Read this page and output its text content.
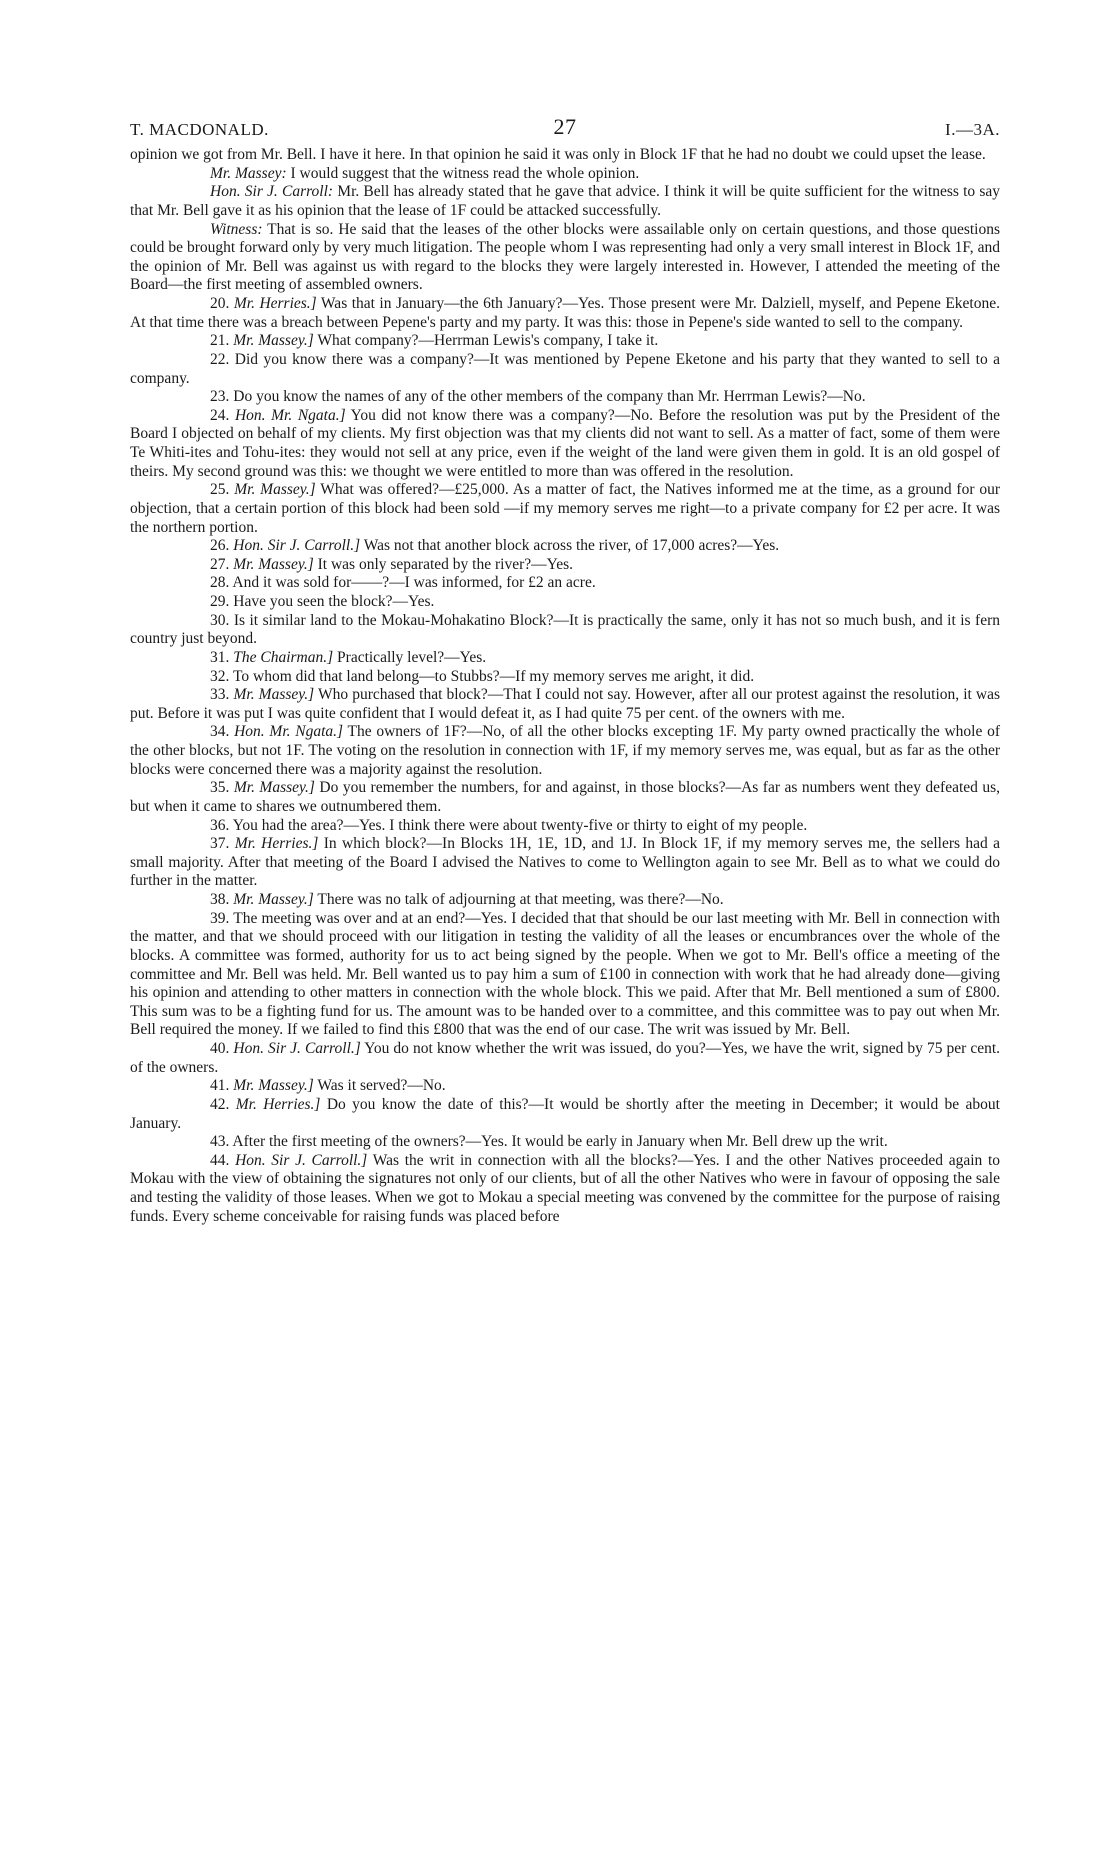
T. MACDONALD.	27	I.—3A.

opinion we got from Mr. Bell. I have it here. In that opinion he said it was only in Block 1F that he had no doubt we could upset the lease.

Mr. Massey: I would suggest that the witness read the whole opinion.

Hon. Sir J. Carroll: Mr. Bell has already stated that he gave that advice. I think it will be quite sufficient for the witness to say that Mr. Bell gave it as his opinion that the lease of 1F could be attacked successfully.

Witness: That is so. He said that the leases of the other blocks were assailable only on certain questions, and those questions could be brought forward only by very much litigation. The people whom I was representing had only a very small interest in Block 1F, and the opinion of Mr. Bell was against us with regard to the blocks they were largely interested in. However, I attended the meeting of the Board—the first meeting of assembled owners.

20. Mr. Herries.] Was that in January—the 6th January?—Yes. Those present were Mr. Dalziell, myself, and Pepene Eketone. At that time there was a breach between Pepene's party and my party. It was this: those in Pepene's side wanted to sell to the company.

21. Mr. Massey.] What company?—Herrman Lewis's company, I take it.

22. Did you know there was a company?—It was mentioned by Pepene Eketone and his party that they wanted to sell to a company.

23. Do you know the names of any of the other members of the company than Mr. Herrman Lewis?—No.

24. Hon. Mr. Ngata.] You did not know there was a company?—No. Before the resolution was put by the President of the Board I objected on behalf of my clients. My first objection was that my clients did not want to sell. As a matter of fact, some of them were Te Whiti-ites and Tohu-ites: they would not sell at any price, even if the weight of the land were given them in gold. It is an old gospel of theirs. My second ground was this: we thought we were entitled to more than was offered in the resolution.

25. Mr. Massey.] What was offered?—£25,000. As a matter of fact, the Natives informed me at the time, as a ground for our objection, that a certain portion of this block had been sold —if my memory serves me right—to a private company for £2 per acre. It was the northern portion.

26. Hon. Sir J. Carroll.] Was not that another block across the river, of 17,000 acres?—Yes.

27. Mr. Massey.] It was only separated by the river?—Yes.

28. And it was sold for——?—I was informed, for £2 an acre.

29. Have you seen the block?—Yes.

30. Is it similar land to the Mokau-Mohakatino Block?—It is practically the same, only it has not so much bush, and it is fern country just beyond.

31. The Chairman.] Practically level?—Yes.

32. To whom did that land belong—to Stubbs?—If my memory serves me aright, it did.

33. Mr. Massey.] Who purchased that block?—That I could not say. However, after all our protest against the resolution, it was put. Before it was put I was quite confident that I would defeat it, as I had quite 75 per cent. of the owners with me.

34. Hon. Mr. Ngata.] The owners of 1F?—No, of all the other blocks excepting 1F. My party owned practically the whole of the other blocks, but not 1F. The voting on the resolution in connection with 1F, if my memory serves me, was equal, but as far as the other blocks were concerned there was a majority against the resolution.

35. Mr. Massey.] Do you remember the numbers, for and against, in those blocks?—As far as numbers went they defeated us, but when it came to shares we outnumbered them.

36. You had the area?—Yes. I think there were about twenty-five or thirty to eight of my people.

37. Mr. Herries.] In which block?—In Blocks 1H, 1E, 1D, and 1J. In Block 1F, if my memory serves me, the sellers had a small majority. After that meeting of the Board I advised the Natives to come to Wellington again to see Mr. Bell as to what we could do further in the matter.

38. Mr. Massey.] There was no talk of adjourning at that meeting, was there?—No.

39. The meeting was over and at an end?—Yes. I decided that that should be our last meeting with Mr. Bell in connection with the matter, and that we should proceed with our litigation in testing the validity of all the leases or encumbrances over the whole of the blocks. A committee was formed, authority for us to act being signed by the people. When we got to Mr. Bell's office a meeting of the committee and Mr. Bell was held. Mr. Bell wanted us to pay him a sum of £100 in connection with work that he had already done—giving his opinion and attending to other matters in connection with the whole block. This we paid. After that Mr. Bell mentioned a sum of £800. This sum was to be a fighting fund for us. The amount was to be handed over to a committee, and this committee was to pay out when Mr. Bell required the money. If we failed to find this £800 that was the end of our case. The writ was issued by Mr. Bell.

40. Hon. Sir J. Carroll.] You do not know whether the writ was issued, do you?—Yes, we have the writ, signed by 75 per cent. of the owners.

41. Mr. Massey.] Was it served?—No.

42. Mr. Herries.] Do you know the date of this?—It would be shortly after the meeting in December; it would be about January.

43. After the first meeting of the owners?—Yes. It would be early in January when Mr. Bell drew up the writ.

44. Hon. Sir J. Carroll.] Was the writ in connection with all the blocks?—Yes. I and the other Natives proceeded again to Mokau with the view of obtaining the signatures not only of our clients, but of all the other Natives who were in favour of opposing the sale and testing the validity of those leases. When we got to Mokau a special meeting was convened by the committee for the purpose of raising funds. Every scheme conceivable for raising funds was placed before
